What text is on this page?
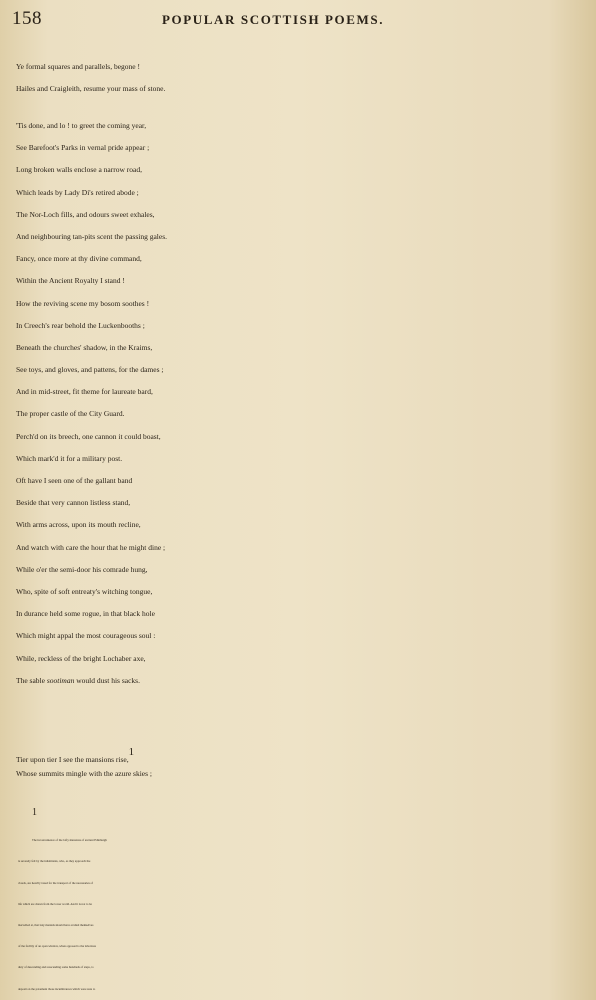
158	POPULAR SCOTTISH POEMS.
Ye formal squares and parallels, begone !
Hailes and Craigleith, resume your mass of stone.
'Tis done, and lo ! to greet the coming year,
See Barefoot's Parks in vernal pride appear ;
Long broken walls enclose a narrow road,
Which leads by Lady Di's retired abode ;
The Nor-Loch fills, and odours sweet exhales,
And neighbouring tan-pits scent the passing gales.
Fancy, once more at thy divine command,
Within the Ancient Royalty I stand !
How the reviving scene my bosom soothes !
In Creech's rear behold the Luckenbooths ;
Beneath the churches' shadow, in the Kraims,
See toys, and gloves, and pattens, for the dames ;
And in mid-street, fit theme for laureate bard,
The proper castle of the City Guard.
Perch'd on its breech, one cannon it could boast,
Which mark'd it for a military post.
Oft have I seen one of the gallant band
Beside that very cannon listless stand,
With arms across, upon its mouth recline,
And watch with care the hour that he might dine ;
While o'er the semi-door his comrade hung,
Who, spite of soft entreaty's witching tongue,
In durance held some rogue, in that black hole
Which might appal the most courageous soul :
While, reckless of the bright Lochaber axe,
The sable sootiman would dust his sacks.
Tier upon tier I see the mansions rise,$^1$
Whose summits mingle with the azure skies ;
$^1$
The inconvenience of the lofty mansions of ancient Edinburgh
is severely felt by the inhabitants, who, as they approach the
clouds, are heavily taxed for the transport of the necessaries of
life which are drawn from the lower world. And it is not to be
marvelled at, that lazy menials should have availed themselves
of the facility of an open window, when opposed to the laborious
duty of descending and reascending some hundreds of steps, to
deposit on the pavement those incumbrances which were sure to
